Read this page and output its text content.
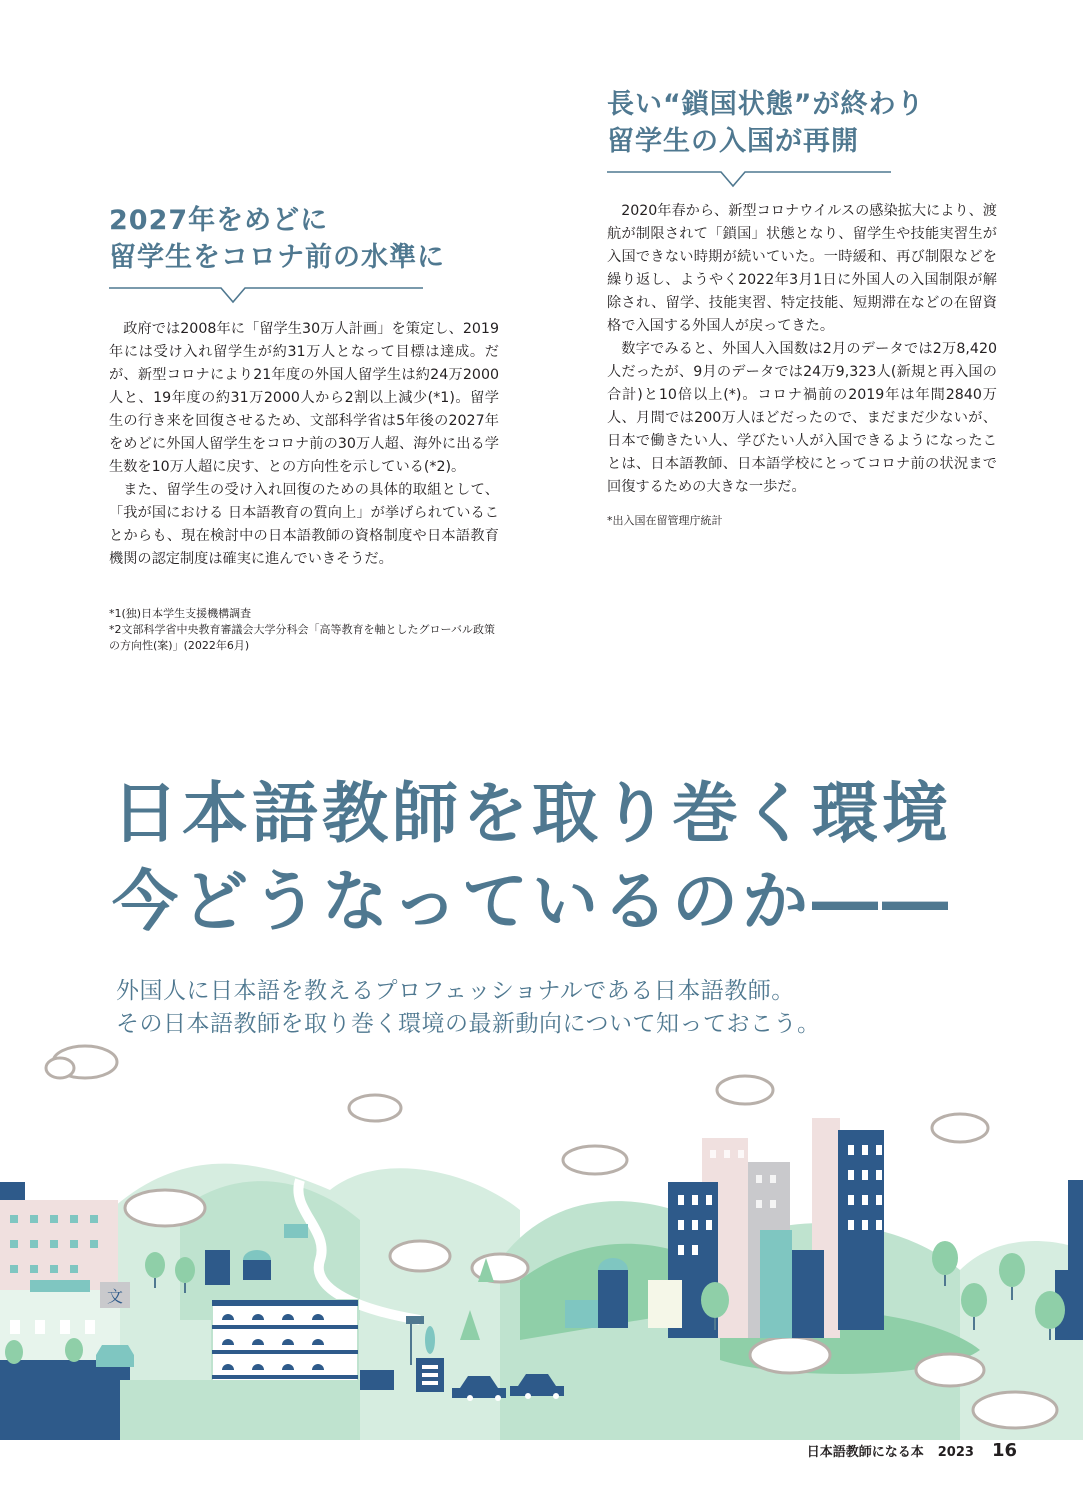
2027年をめどに
留学生をコロナ前の水準に

政府では2008年に「留学生30万人計画」を策定し、2019年には受け入れ留学生が約31万人となって目標は達成。だが、新型コロナにより21年度の外国人留学生は約24万2000人と、19年度の約31万2000人から2割以上減少(*1)。留学生の行き来を回復させるため、文部科学省は5年後の2027年をめどに外国人留学生をコロナ前の30万人超、海外に出る学生数を10万人超に戻す、との方向性を示している(*2)。

また、留学生の受け入れ回復のための具体的取組として、「我が国における 日本語教育の質向上」が挙げられていることからも、現在検討中の日本語教師の資格制度や日本語教育機関の認定制度は確実に進んでいきそうだ。

*1(独)日本学生支援機構調査
*2文部科学省中央教育審議会大学分科会「高等教育を軸としたグローバル政策の方向性(案)」(2022年6月)
長い“鎖国状態”が終わり
留学生の入国が再開

2020年春から、新型コロナウイルスの感染拡大により、渡航が制限されて「鎖国」状態となり、留学生や技能実習生が入国できない時期が続いていた。一時緩和、再び制限などを繰り返し、ようやく2022年3月1日に外国人の入国制限が解除され、留学、技能実習、特定技能、短期滞在などの在留資格で入国する外国人が戻ってきた。

数字でみると、外国人入国数は2月のデータでは2万8,420人だったが、9月のデータでは24万9,323人(新規と再入国の合計)と10倍以上(*)。コロナ禍前の2019年は年間2840万人、月間では200万人ほどだったので、まだまだ少ないが、日本で働きたい人、学びたい人が入国できるようになったことは、日本語教師、日本語学校にとってコロナ前の状況まで回復するための大きな一歩だ。

*出入国在留管理庁統計
日本語教師を取り巻く環境
今どうなっているのか――
外国人に日本語を教えるプロフェッショナルである日本語教師。
その日本語教師を取り巻く環境の最新動向について知っておこう。
文
日本語教師になる本 2023 16
